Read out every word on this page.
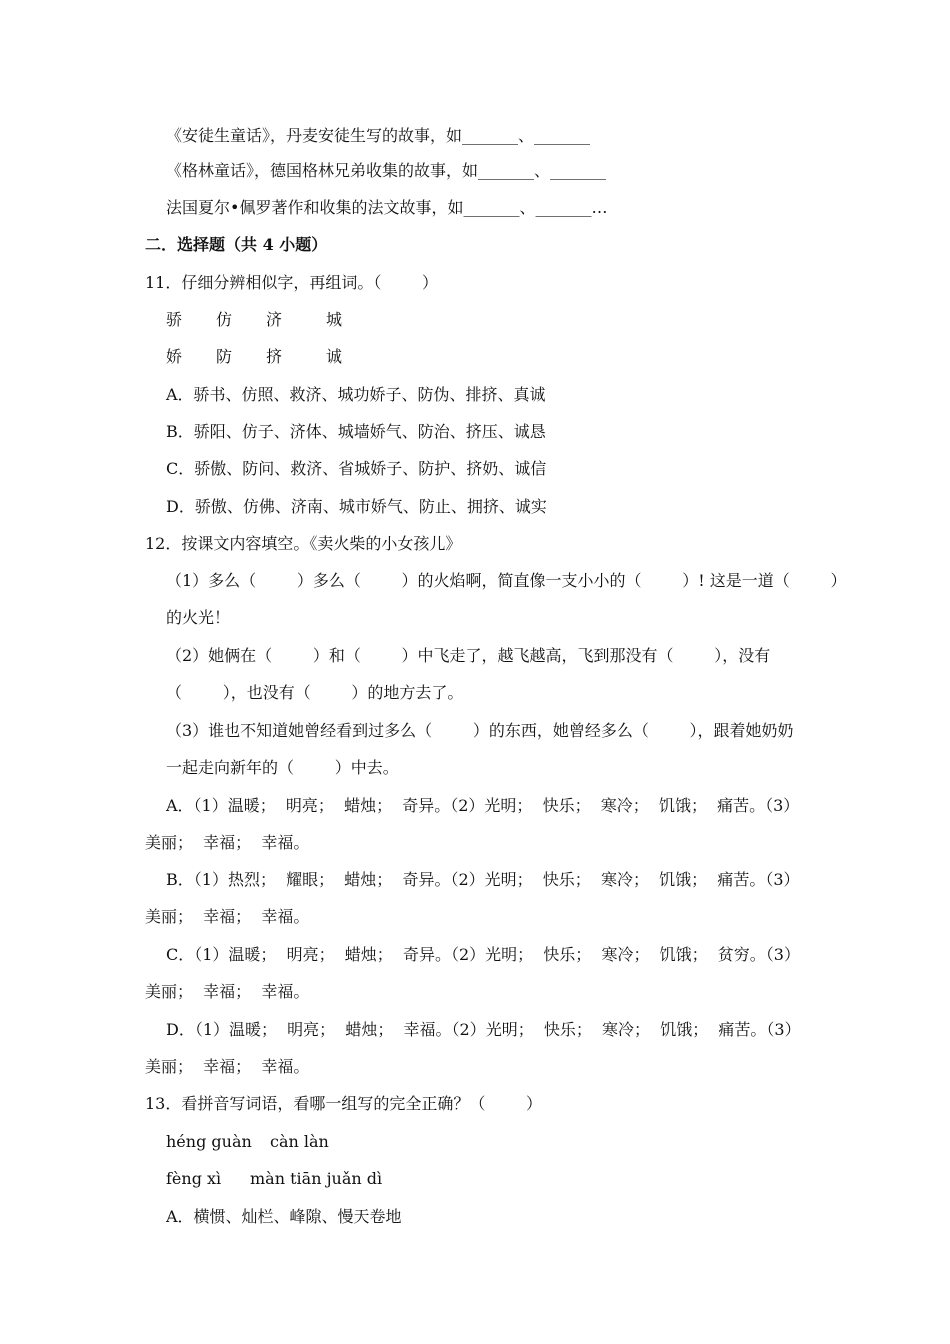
《安徒生童话》，丹麦安徒生写的故事，如_______、_______
《格林童话》，德国格林兄弟收集的故事，如_______、_______
法国夏尔•佩罗著作和收集的法文故事，如_______、_______…
二．选择题（共 4 小题）
11．仔细分辨相似字，再组词。（        ）
骄 仿 济	城
娇 防 挤	诚
A．骄书、仿照、救济、城功娇子、防伪、排挤、真诚
B．骄阳、仿子、济体、城墙娇气、防治、挤压、诚恳
C．骄傲、防问、救济、省城娇子、防护、挤奶、诚信
D．骄傲、仿佛、济南、城市娇气、防止、拥挤、诚实
12．按课文内容填空。《卖火柴的小女孩儿》
（1）多么（        ）多么（        ）的火焰啊，简直像一支小小的（        ）! 这是一道（        ）
的火光！
（2）她俩在（        ）和（        ）中飞走了，越飞越高，飞到那没有（        ），没有
（        ），也没有（        ）的地方去了。
（3）谁也不知道她曾经看到过多么（        ）的东西，她曾经多么（        ），跟着她奶奶
一起走向新年的（        ）中去。
A．（1）温暖；  明亮；  蜡烛；  奇异。（2）光明；  快乐；  寒冷；  饥饿；  痛苦。（3）
美丽；  幸福；  幸福。
B．（1）热烈；  耀眼；  蜡烛；  奇异。（2）光明；  快乐；  寒冷；  饥饿；  痛苦。（3）
美丽；  幸福；  幸福。
C．（1）温暖；  明亮；  蜡烛；  奇异。（2）光明；  快乐；  寒冷；  饥饿；  贫穷。（3）
美丽；  幸福；  幸福。
D．（1）温暖；  明亮；  蜡烛；  幸福。（2）光明；  快乐；  寒冷；  饥饿；  痛苦。（3）
美丽；  幸福；  幸福。
13．看拼音写词语，看哪一组写的完全正确？（        ）
héng guàn càn làn
fèng xì màn tiān juǎn dì
A．横惯、灿栏、峰隙、慢天卷地
